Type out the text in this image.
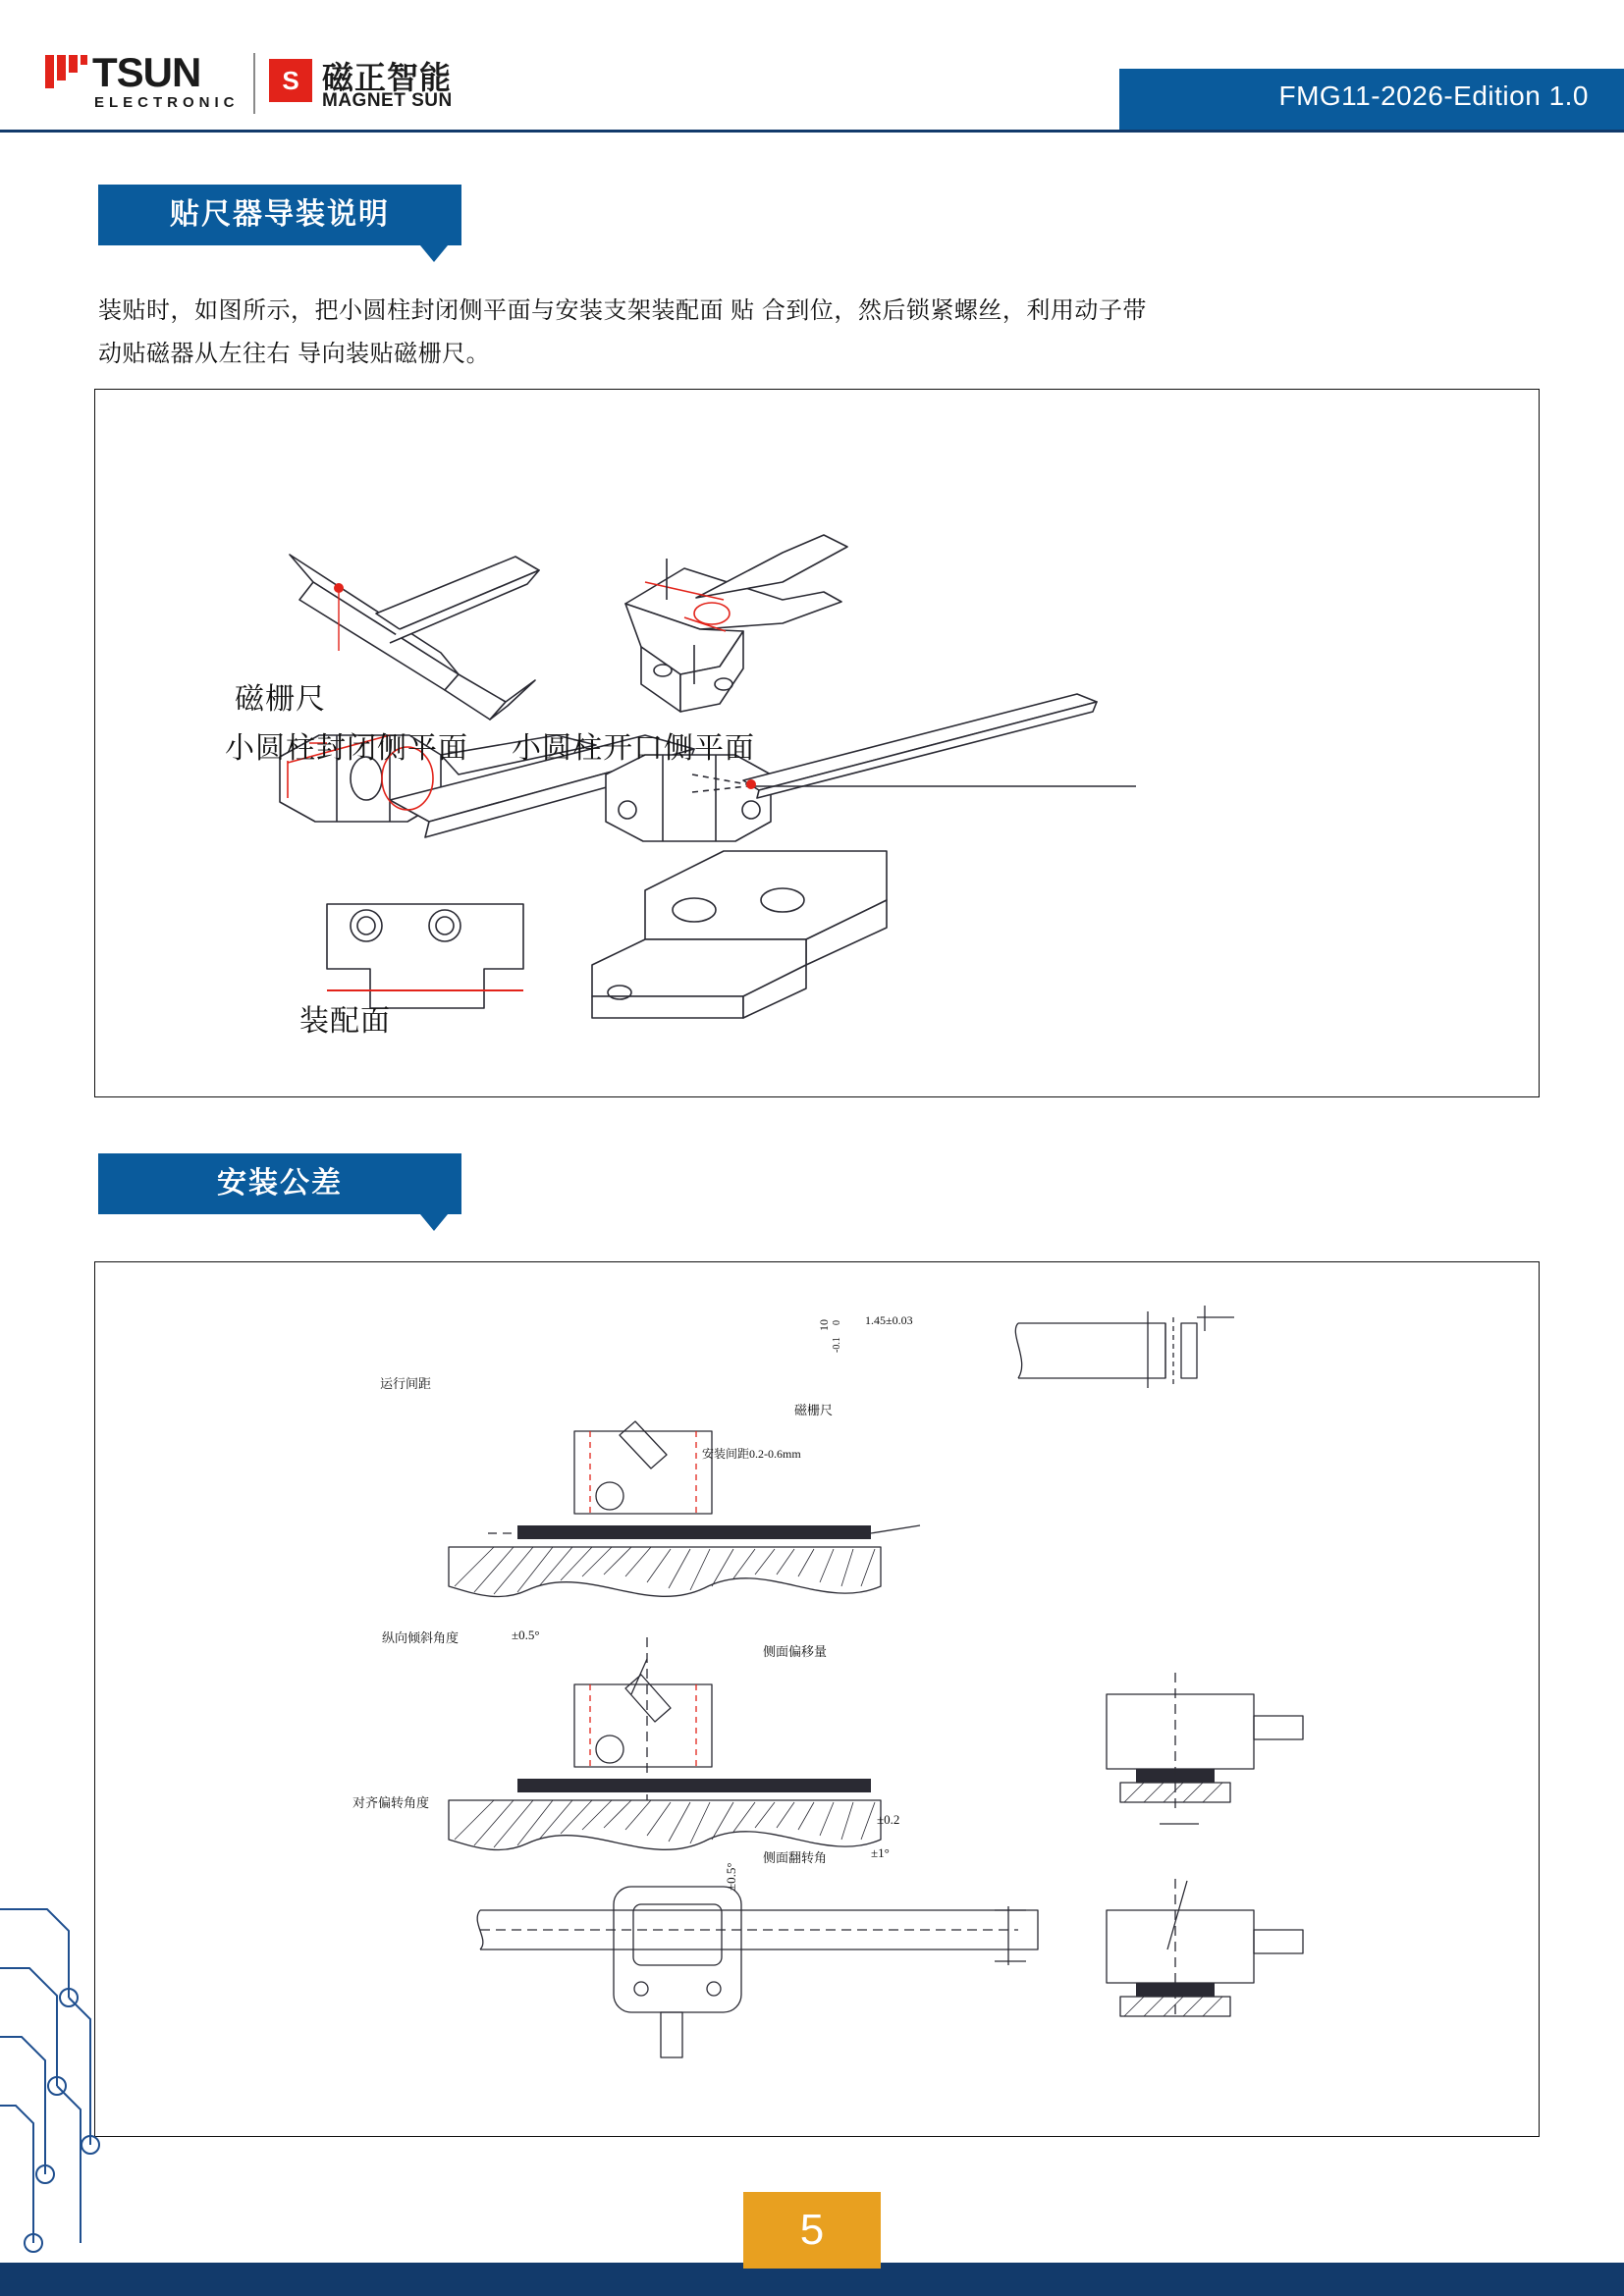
TSUN
ELECTRONIC
S 磁正智能
MAGNET SUN	FMG11-2026-Edition 1.0
贴尺器导装说明
装贴时，如图所示，把小圆柱封闭侧平面与安装支架装配面 贴 合到位，然后锁紧螺丝，利用动子带动贴磁器从左往右 导向装贴磁栅尺。
磁栅尺
小圆柱封闭侧平面 小圆柱开口侧平面
装配面
安装公差
运行间距
磁栅尺
1.45±0.03
10 0
-0.1
安装间距0.2-0.6mm
纵向倾斜角度	±0.5°
侧面偏移量
±0.2
对齐偏转角度
±0.5°
侧面翻转角	±1°
5
